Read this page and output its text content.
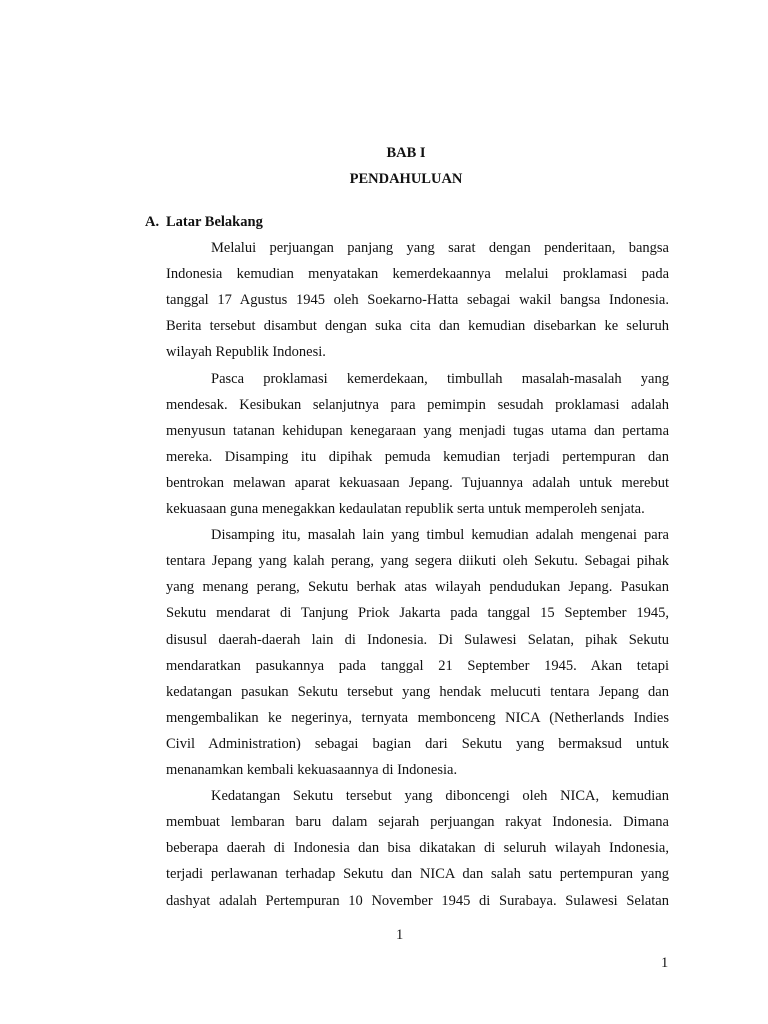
BAB I
PENDAHULUAN
A. Latar Belakang
Melalui perjuangan panjang yang sarat dengan penderitaan, bangsa
Indonesia kemudian menyatakan kemerdekaannya melalui proklamasi pada
tanggal 17 Agustus 1945 oleh Soekarno-Hatta sebagai wakil bangsa Indonesia.
Berita tersebut disambut dengan suka cita dan kemudian disebarkan ke seluruh
wilayah Republik Indonesi.
Pasca proklamasi kemerdekaan, timbullah masalah-masalah yang
mendesak. Kesibukan selanjutnya para pemimpin sesudah proklamasi adalah
menyusun tatanan kehidupan kenegaraan yang menjadi tugas utama dan pertama
mereka. Disamping itu dipihak pemuda kemudian terjadi pertempuran dan
bentrokan melawan aparat kekuasaan Jepang. Tujuannya adalah untuk merebut
kekuasaan guna menegakkan kedaulatan republik serta untuk memperoleh senjata.
Disamping itu, masalah lain yang timbul kemudian adalah mengenai para
tentara Jepang yang kalah perang, yang segera diikuti oleh Sekutu. Sebagai pihak
yang menang perang, Sekutu berhak atas wilayah pendudukan Jepang. Pasukan
Sekutu mendarat di Tanjung Priok Jakarta pada tanggal 15 September 1945,
disusul daerah-daerah lain di Indonesia. Di Sulawesi Selatan, pihak Sekutu
mendaratkan pasukannya pada tanggal 21 September 1945. Akan tetapi
kedatangan pasukan Sekutu tersebut yang hendak melucuti tentara Jepang dan
mengembalikan ke negerinya, ternyata membonceng NICA (Netherlands Indies
Civil Administration) sebagai bagian dari Sekutu yang bermaksud untuk
menanamkan kembali kekuasaannya di Indonesia.
Kedatangan Sekutu tersebut yang diboncengi oleh NICA, kemudian
membuat lembaran baru dalam sejarah perjuangan rakyat Indonesia. Dimana
beberapa daerah di Indonesia dan bisa dikatakan di seluruh wilayah Indonesia,
terjadi perlawanan terhadap Sekutu dan NICA dan salah satu pertempuran yang
dashyat adalah Pertempuran 10 November 1945 di Surabaya. Sulawesi Selatan
1
1
